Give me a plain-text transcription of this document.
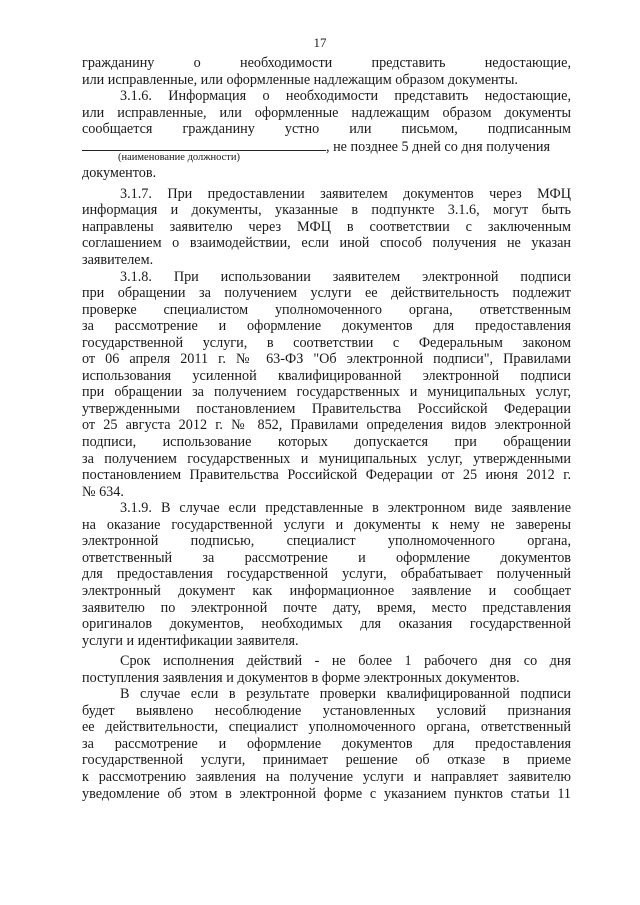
17
гражданину о необходимости представить недостающие,
или исправленные, или оформленные надлежащим образом документы.
3.1.6. Информация о необходимости представить недостающие,
или исправленные, или оформленные надлежащим образом документы
сообщается гражданину устно или письмом, подписанным
, не позднее 5 дней со дня получения
(наименование должности)
документов.
3.1.7. При предоставлении заявителем документов через МФЦ
информация и документы, указанные в подпункте 3.1.6, могут быть
направлены заявителю через МФЦ в соответствии с заключенным
соглашением о взаимодействии, если иной способ получения не указан
заявителем.
3.1.8. При использовании заявителем электронной подписи
при обращении за получением услуги ее действительность подлежит
проверке специалистом уполномоченного органа, ответственным
за рассмотрение и оформление документов для предоставления
государственной услуги, в соответствии с Федеральным законом
от 06 апреля 2011 г. № 63-ФЗ "Об электронной подписи", Правилами
использования усиленной квалифицированной электронной подписи
при обращении за получением государственных и муниципальных услуг,
утвержденными постановлением Правительства Российской Федерации
от 25 августа 2012 г. № 852, Правилами определения видов электронной
подписи, использование которых допускается при обращении
за получением государственных и муниципальных услуг, утвержденными
постановлением Правительства Российской Федерации от 25 июня 2012 г.
№ 634.
3.1.9. В случае если представленные в электронном виде заявление
на оказание государственной услуги и документы к нему не заверены
электронной подписью, специалист уполномоченного органа,
ответственный за рассмотрение и оформление документов
для предоставления государственной услуги, обрабатывает полученный
электронный документ как информационное заявление и сообщает
заявителю по электронной почте дату, время, место представления
оригиналов документов, необходимых для оказания государственной
услуги и идентификации заявителя.
Срок исполнения действий - не более 1 рабочего дня со дня
поступления заявления и документов в форме электронных документов.
В случае если в результате проверки квалифицированной подписи
будет выявлено несоблюдение установленных условий признания
ее действительности, специалист уполномоченного органа, ответственный
за рассмотрение и оформление документов для предоставления
государственной услуги, принимает решение об отказе в приеме
к рассмотрению заявления на получение услуги и направляет заявителю
уведомление об этом в электронной форме с указанием пунктов статьи 11
